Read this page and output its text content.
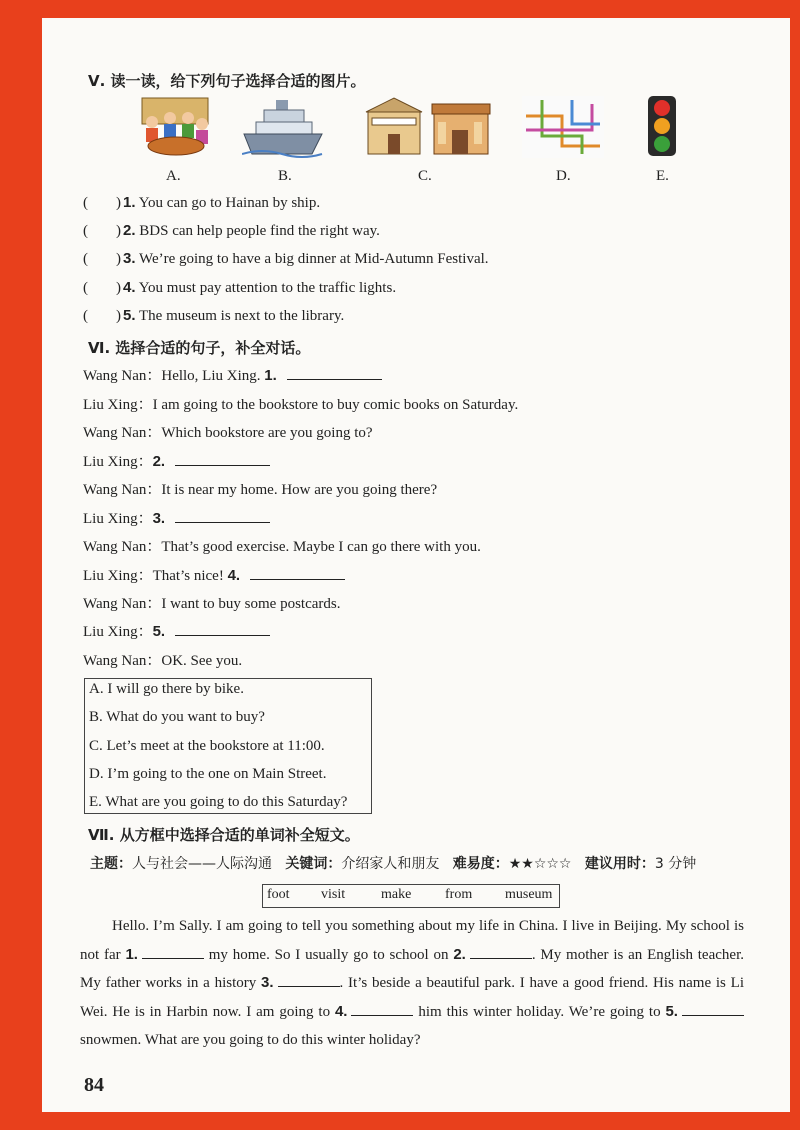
Ⅴ. 读一读，给下列句子选择合适的图片。
A.	B.	C.	D.	E.
( ) 1. You can go to Hainan by ship.
( ) 2. BDS can help people find the right way.
( ) 3. We’re going to have a big dinner at Mid-Autumn Festival.
( ) 4. You must pay attention to the traffic lights.
( ) 5. The museum is next to the library.
Ⅵ. 选择合适的句子，补全对话。
Wang Nan：Hello, Liu Xing. 1.
Liu Xing：I am going to the bookstore to buy comic books on Saturday.
Wang Nan：Which bookstore are you going to?
Liu Xing：2.
Wang Nan：It is near my home. How are you going there?
Liu Xing：3.
Wang Nan：That’s good exercise. Maybe I can go there with you.
Liu Xing：That’s nice! 4.
Wang Nan：I want to buy some postcards.
Liu Xing：5.
Wang Nan：OK. See you.
A. I will go there by bike.
B. What do you want to buy?
C. Let’s meet at the bookstore at 11:00.
D. I’m going to the one on Main Street.
E. What are you going to do this Saturday?
Ⅶ. 从方框中选择合适的单词补全短文。
主题：人与社会——人际沟通 关键词：介绍家人和朋友 难易度：★★☆☆☆ 建议用时：3 分钟
foot visit	make from museum
Hello. I’m Sally. I am going to tell you something about my life in China. I live in Beijing. My school is not far 1.	my home. So I usually go to school on 2.	. My mother is an English teacher. My father works in a history 3.	. It’s beside a beautiful park. I have a good friend. His name is Li Wei. He is in Harbin now. I am going to 4.	him this winter holiday. We’re going to 5. snowmen. What are you going to do this winter holiday?
84
